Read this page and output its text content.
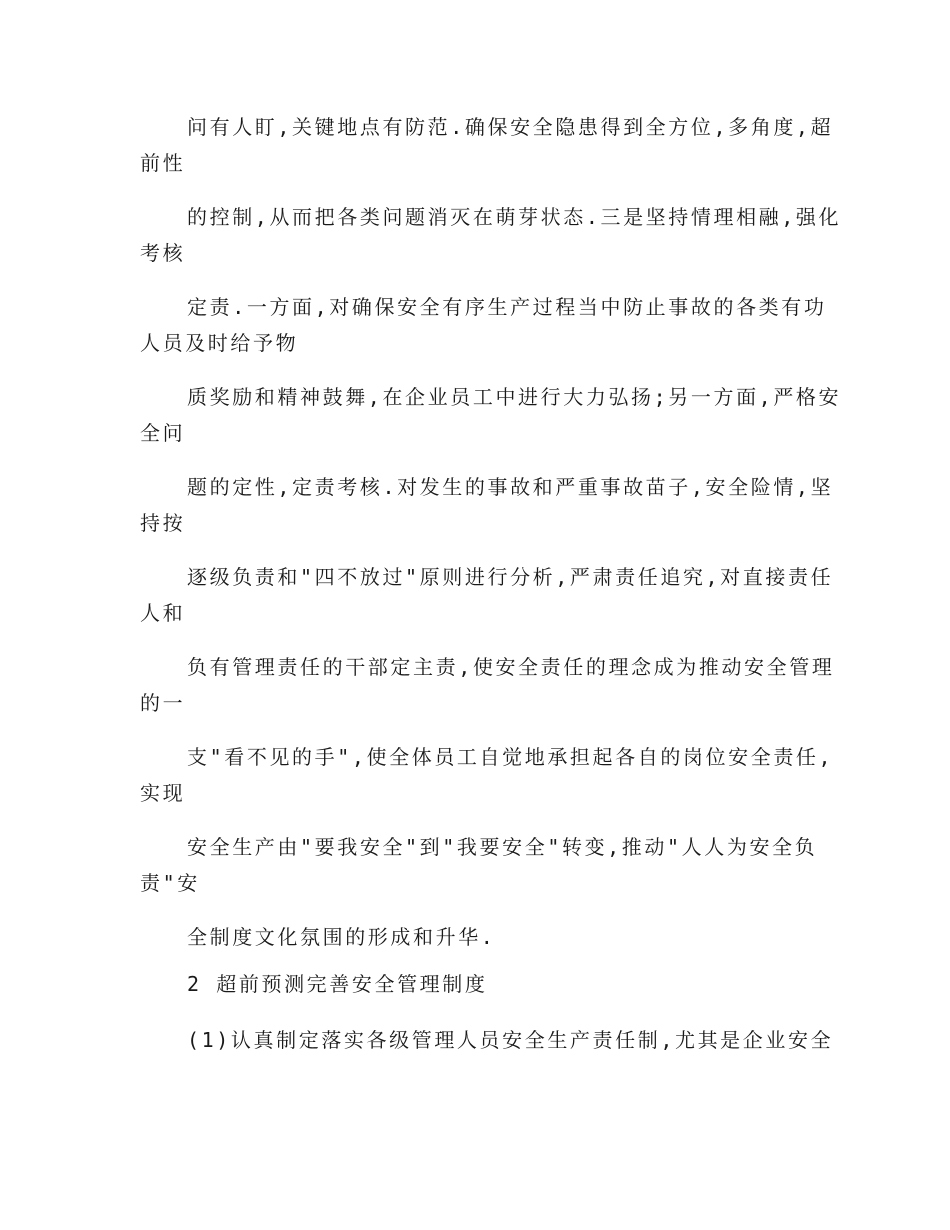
问有人盯,关键地点有防范.确保安全隐患得到全方位,多角度,超
前性
的控制,从而把各类问题消灭在萌芽状态.三是坚持情理相融,强化
考核
定责.一方面,对确保安全有序生产过程当中防止事故的各类有功
人员及时给予物
质奖励和精神鼓舞,在企业员工中进行大力弘扬;另一方面,严格安
全问
题的定性,定责考核.对发生的事故和严重事故苗子,安全险情,坚
持按
逐级负责和"四不放过"原则进行分析,严肃责任追究,对直接责任
人和
负有管理责任的干部定主责,使安全责任的理念成为推动安全管理
的一
支"看不见的手",使全体员工自觉地承担起各自的岗位安全责任,
实现
安全生产由"要我安全"到"我要安全"转变,推动"人人为安全负
责"安
全制度文化氛围的形成和升华.
2 超前预测完善安全管理制度
(1)认真制定落实各级管理人员安全生产责任制,尤其是企业安全
